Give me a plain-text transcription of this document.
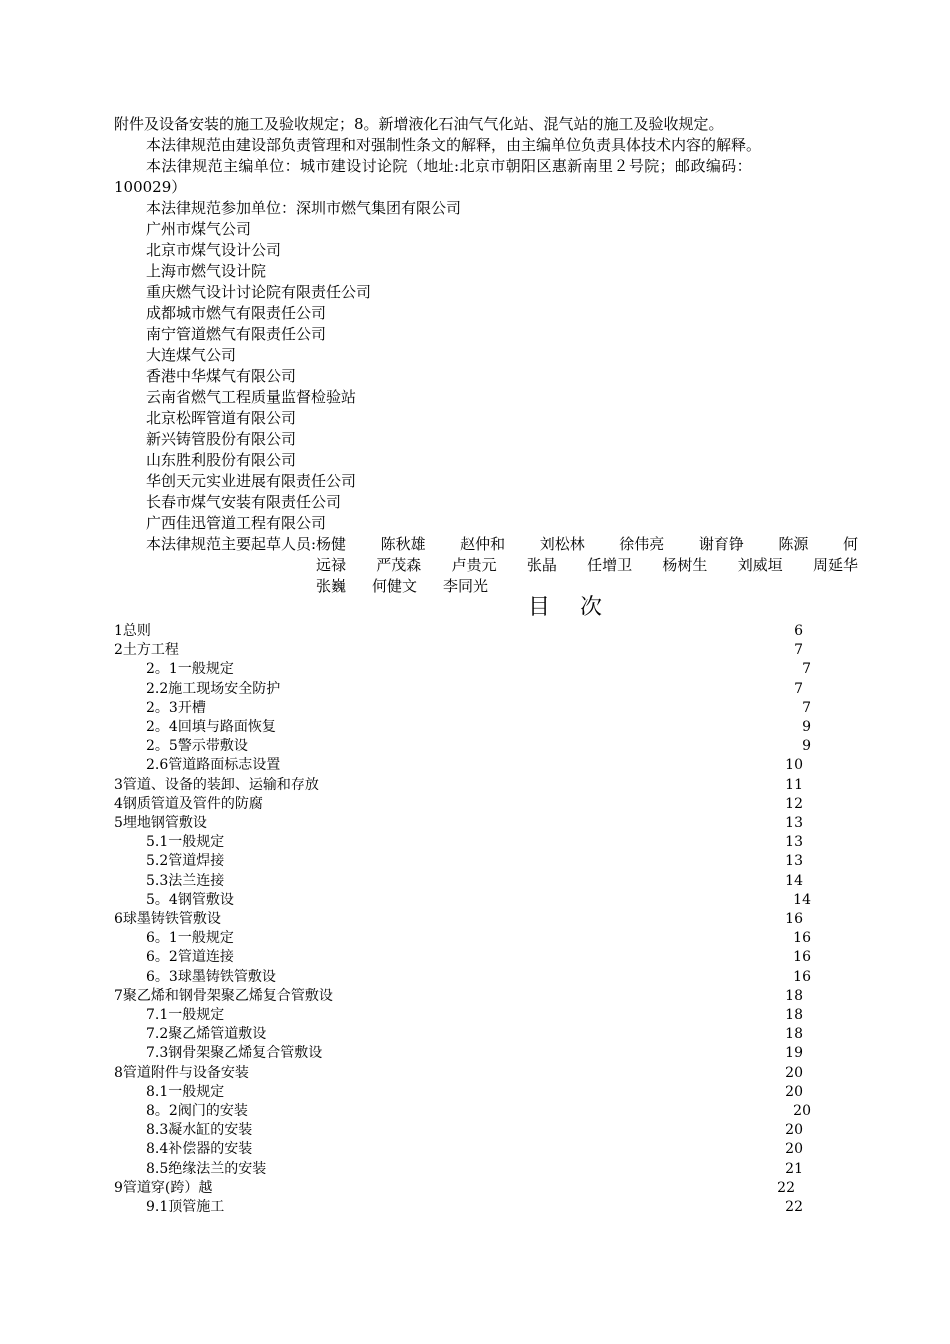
附件及设备安装的施工及验收规定；8。新增液化石油气气化站、混气站的施工及验收规定。
本法律规范由建设部负责管理和对强制性条文的解释，由主编单位负责具体技术内容的解释。
本法律规范主编单位：城市建设讨论院（地址:北京市朝阳区惠新南里２号院；邮政编码：
100029）
本法律规范参加单位：深圳市燃气集团有限公司
广州市煤气公司
北京市煤气设计公司
上海市燃气设计院
重庆燃气设计讨论院有限责任公司
成都城市燃气有限责任公司
南宁管道燃气有限责任公司
大连煤气公司
香港中华煤气有限公司
云南省燃气工程质量监督检验站
北京松晖管道有限公司
新兴铸管股份有限公司
山东胜利股份有限公司
华创天元实业进展有限责任公司
长春市煤气安装有限责任公司
广西佳迅管道工程有限公司
本法律规范主要起草人员:杨健 陈秋雄 赵仲和 刘松林 徐伟亮 谢育铮 陈源 何
远禄 严茂森 卢贵元 张晶 任增卫 杨树生 刘威垣 周延华
张巍 何健文 李同光
目次
1总则	6
2土方工程	7
2。1一般规定	7
2.2施工现场安全防护	7
2。3开槽	7
2。4回填与路面恢复	9
2。5警示带敷设	9
2.6管道路面标志设置	10
3管道、设备的装卸、运输和存放	11
4钢质管道及管件的防腐	12
5埋地钢管敷设	13
5.1一般规定	13
5.2管道焊接	13
5.3法兰连接	14
5。4钢管敷设	14
6球墨铸铁管敷设	16
6。1一般规定	16
6。2管道连接	16
6。3球墨铸铁管敷设	16
7聚乙烯和钢骨架聚乙烯复合管敷设	18
7.1一般规定	18
7.2聚乙烯管道敷设	18
7.3钢骨架聚乙烯复合管敷设	19
8管道附件与设备安装	20
8.1一般规定	20
8。2阀门的安装	20
8.3凝水缸的安装	20
8.4补偿器的安装	20
8.5绝缘法兰的安装	21
9管道穿(跨）越	22
9.1顶管施工	22
